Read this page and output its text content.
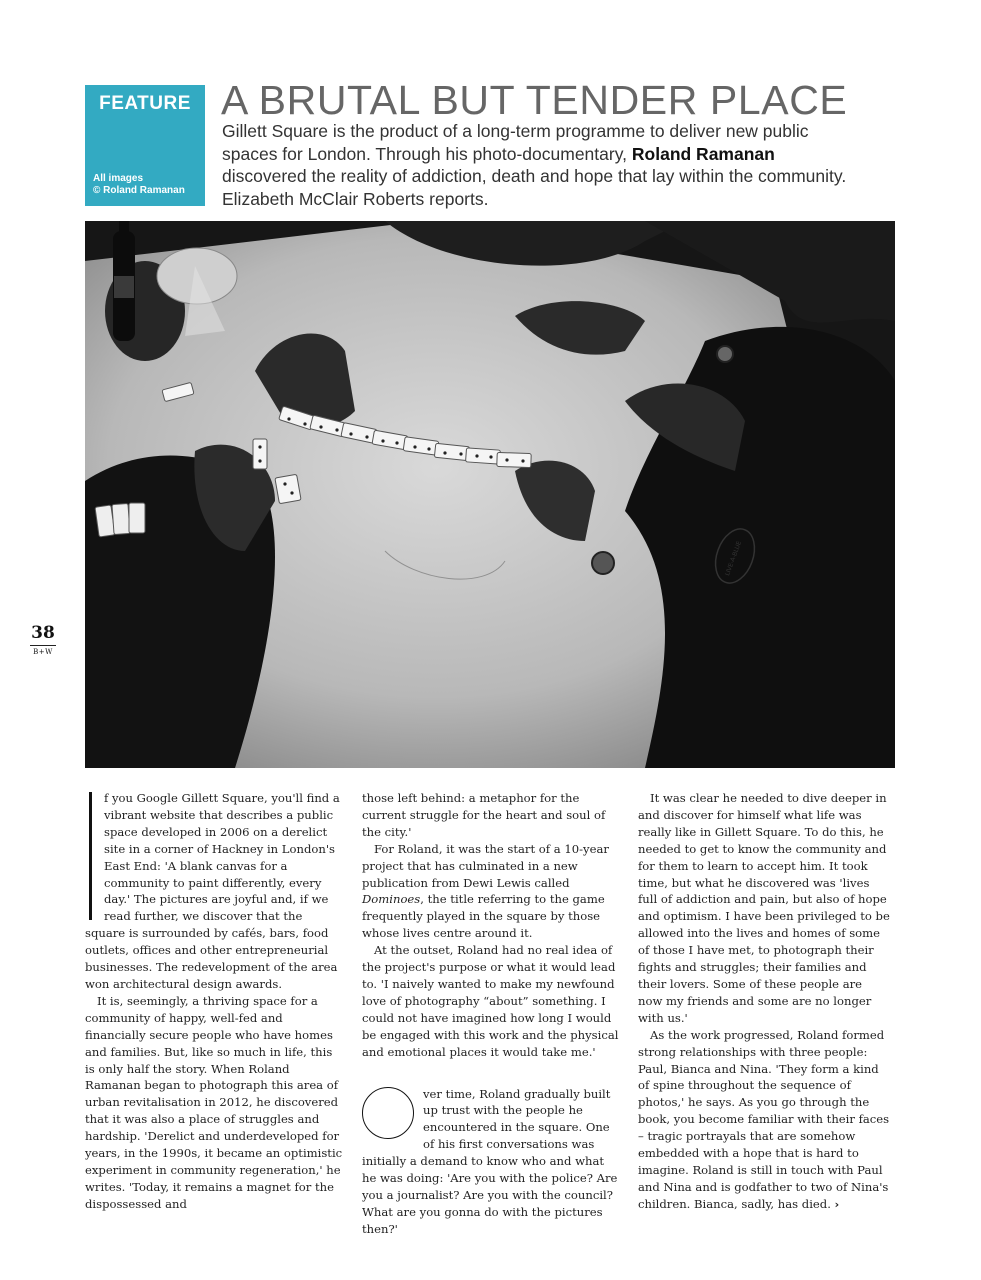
FEATURE
All images
© Roland Ramanan
A BRUTAL BUT TENDER PLACE

Gillett Square is the product of a long-term programme to deliver new public spaces for London. Through his photo-documentary, Roland Ramanan discovered the reality of addiction, death and hope that lay within the community. Elizabeth McClair Roberts reports.

LIVE-A-BLUE
38
B+W

f you Google Gillett Square, you'll find a vibrant website that describes a public space developed in 2006 on a derelict site in a corner of Hackney in London's East End: 'A blank canvas for a community to paint differently, every day.' The pictures are joyful and, if we read further, we discover that the square is surrounded by cafés, bars, food outlets, offices and other entrepreneurial businesses. The redevelopment of the area won architectural design awards.

It is, seemingly, a thriving space for a community of happy, well-fed and financially secure people who have homes and families. But, like so much in life, this is only half the story. When Roland Ramanan began to photograph this area of urban revitalisation in 2012, he discovered that it was also a place of struggles and hardship. 'Derelict and underdeveloped for years, in the 1990s, it became an optimistic experiment in community regeneration,' he writes. 'Today, it remains a magnet for the dispossessed and

those left behind: a metaphor for the current struggle for the heart and soul of the city.'

For Roland, it was the start of a 10-year project that has culminated in a new publication from Dewi Lewis called Dominoes, the title referring to the game frequently played in the square by those whose lives centre around it.

At the outset, Roland had no real idea of the project's purpose or what it would lead to. 'I naively wanted to make my newfound love of photography “about” something. I could not have imagined how long I would be engaged with this work and the physical and emotional places it would take me.'

ver time, Roland gradually built up trust with the people he encountered in the square. One of his first conversations was initially a demand to know who and what he was doing: 'Are you with the police? Are you a journalist? Are you with the council? What are you gonna do with the pictures then?'

It was clear he needed to dive deeper in and discover for himself what life was really like in Gillett Square. To do this, he needed to get to know the community and for them to learn to accept him. It took time, but what he discovered was 'lives full of addiction and pain, but also of hope and optimism. I have been privileged to be allowed into the lives and homes of some of those I have met, to photograph their fights and struggles; their families and their lovers. Some of these people are now my friends and some are no longer with us.'

As the work progressed, Roland formed strong relationships with three people: Paul, Bianca and Nina. 'They form a kind of spine throughout the sequence of photos,' he says. As you go through the book, you become familiar with their faces – tragic portrayals that are somehow embedded with a hope that is hard to imagine. Roland is still in touch with Paul and Nina and is godfather to two of Nina's children. Bianca, sadly, has died. ›
